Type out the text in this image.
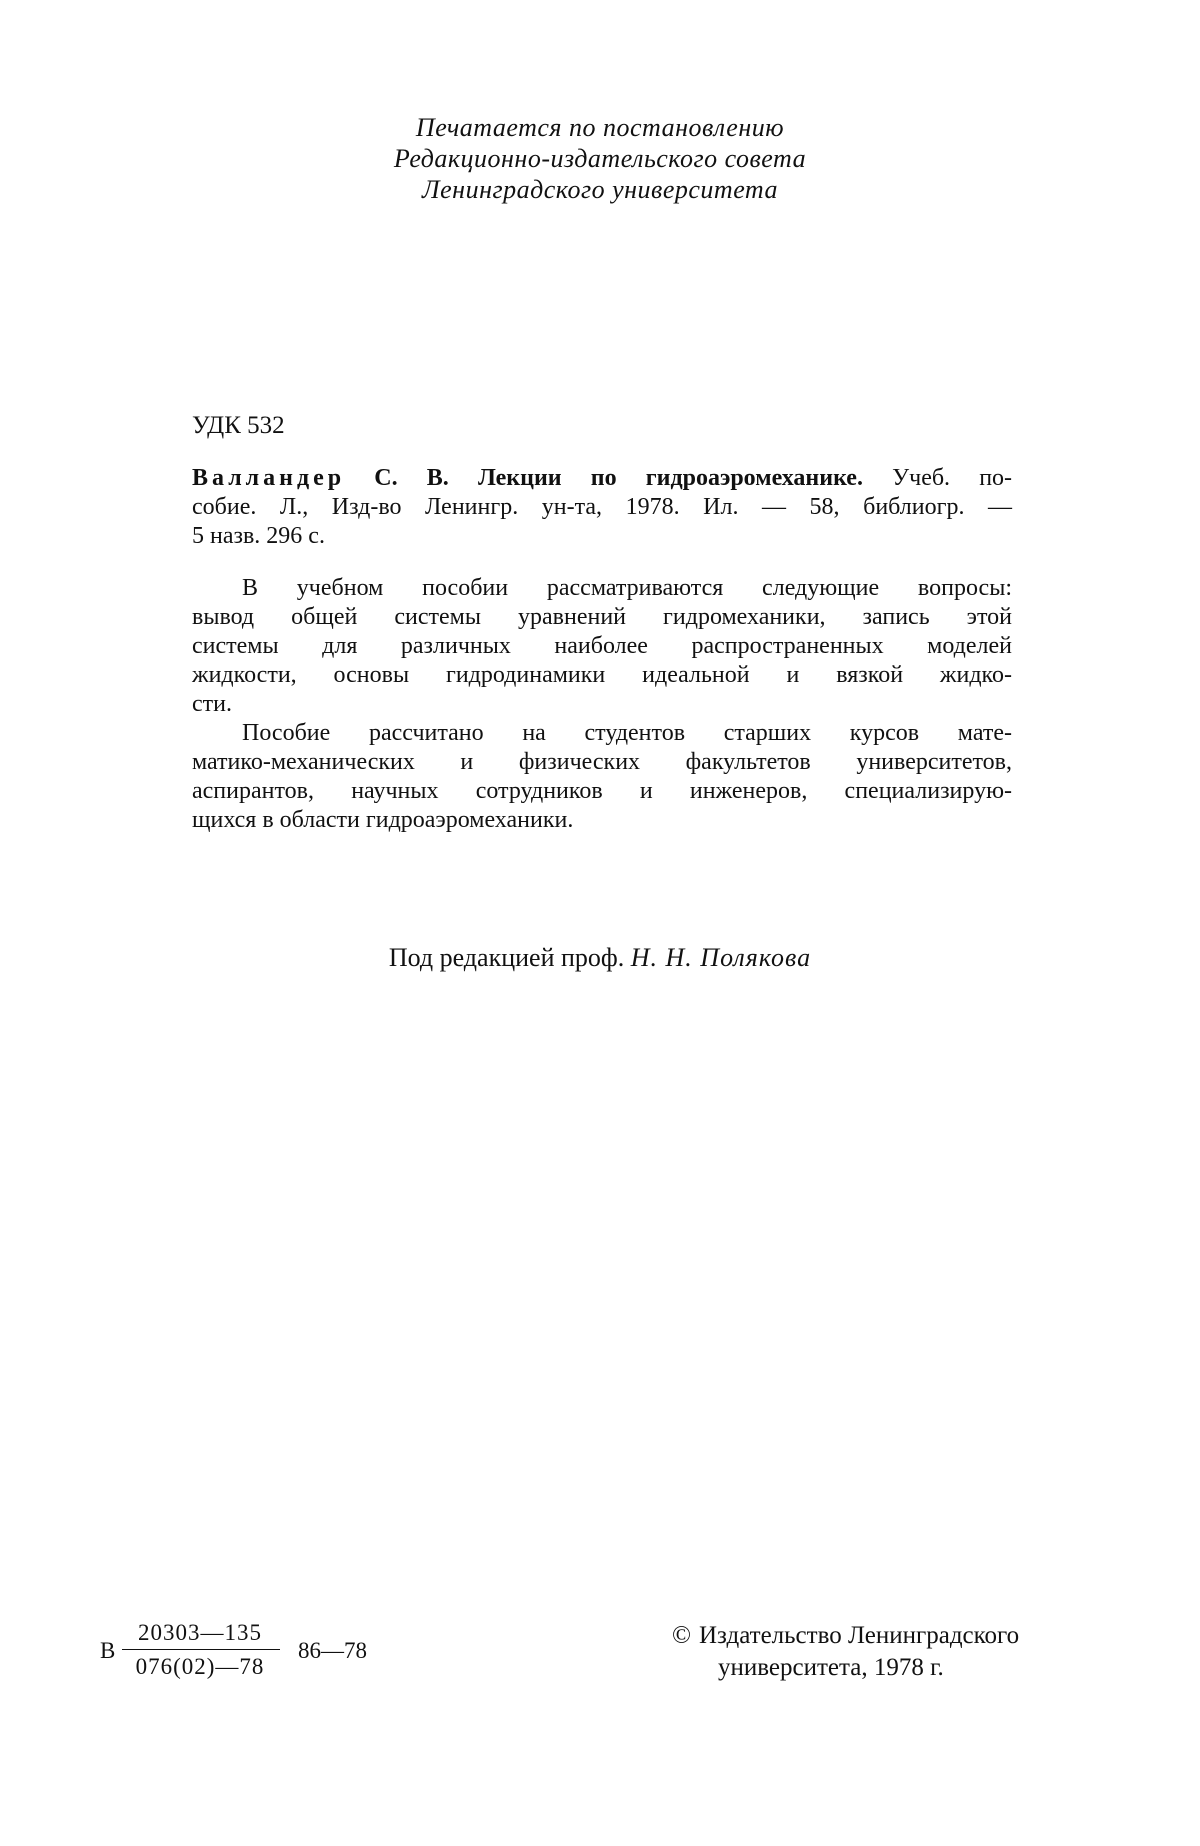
Печатается по постановлению
Редакционно-издательского совета
Ленинградского университета
УДК 532
Валландер С. В. Лекции по гидроаэромеханике. Учеб. по-
собие. Л., Изд-во Ленингр. ун-та, 1978. Ил. — 58, библиогр. —
5 назв. 296 с.
В учебном пособии рассматриваются следующие вопросы:
вывод общей системы уравнений гидромеханики, запись этой
системы для различных наиболее распространенных моделей
жидкости, основы гидродинамики идеальной и вязкой жидко-
сти.
Пособие рассчитано на студентов старших курсов мате-
матико-механических и физических факультетов университетов,
аспирантов, научных сотрудников и инженеров, специализирую-
щихся в области гидроаэромеханики.
Под редакцией проф. Н. Н. Полякова
В
20303—135
076(02)—78
86—78
© Издательство Ленинградского
университета, 1978 г.
